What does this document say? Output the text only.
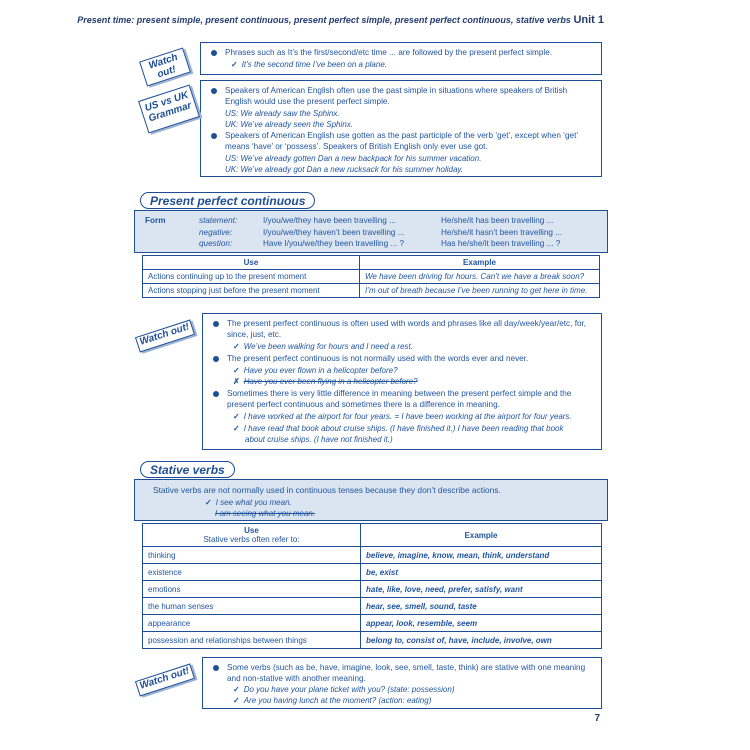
Present time: present simple, present continuous, present perfect simple, present perfect continuous, stative verbs Unit 1
Phrases such as It’s the first/second/etc time ... are followed by the present perfect simple.
✓ It’s the second time I’ve been on a plane.
Watch out!
Speakers of American English often use the past simple in situations where speakers of British English would use the present perfect simple.
US: We already saw the Sphinx.
UK: We’ve already seen the Sphinx.
Speakers of American English use gotten as the past participle of the verb ‘get’, except when ‘get’ means ‘have’ or ‘possess’. Speakers of British English only ever use got.
US: We’ve already gotten Dan a new backpack for his summer vacation.
UK: We’ve already got Dan a new rucksack for his summer holiday.
US vs UK Grammar
Present perfect continuous
Form	statement:	I/you/we/they have been travelling ...	He/she/it has been travelling ...
	negative:	I/you/we/they haven’t been travelling ...	He/she/it hasn’t been travelling ...
	question:	Have I/you/we/they been travelling ... ?	Has he/she/it been travelling ... ?
Use	Example
Actions continuing up to the present moment	We have been driving for hours. Can’t we have a break soon?
Actions stopping just before the present moment	I’m out of breath because I’ve been running to get here in time.
The present perfect continuous is often used with words and phrases like all day/week/year/etc, for, since, just, etc.
✓ We’ve been walking for hours and I need a rest.
The present perfect continuous is not normally used with the words ever and never.
✓ Have you ever flown in a helicopter before?
✗ Have you ever been flying in a helicopter before?
Sometimes there is very little difference in meaning between the present perfect simple and the present perfect continuous and sometimes there is a difference in meaning.
✓ I have worked at the airport for four years. = I have been working at the airport for four years.
✓ I have read that book about cruise ships. (I have finished it.) I have been reading that book
about cruise ships. (I have not finished it.)
Watch out!
Stative verbs
Stative verbs are not normally used in continuous tenses because they don’t describe actions.
✓ I see what you mean.
I am seeing what you mean.
Use
Stative verbs often refer to:	Example
thinking	believe, imagine, know, mean, think, understand
existence	be, exist
emotions	hate, like, love, need, prefer, satisfy, want
the human senses	hear, see, smell, sound, taste
appearance	appear, look, resemble, seem
possession and relationships between things	belong to, consist of, have, include, involve, own
Some verbs (such as be, have, imagine, look, see, smell, taste, think) are stative with one meaning
and non-stative with another meaning.
✓ Do you have your plane ticket with you? (state: possession)
✓ Are you having lunch at the moment? (action: eating)
Watch out!
7
